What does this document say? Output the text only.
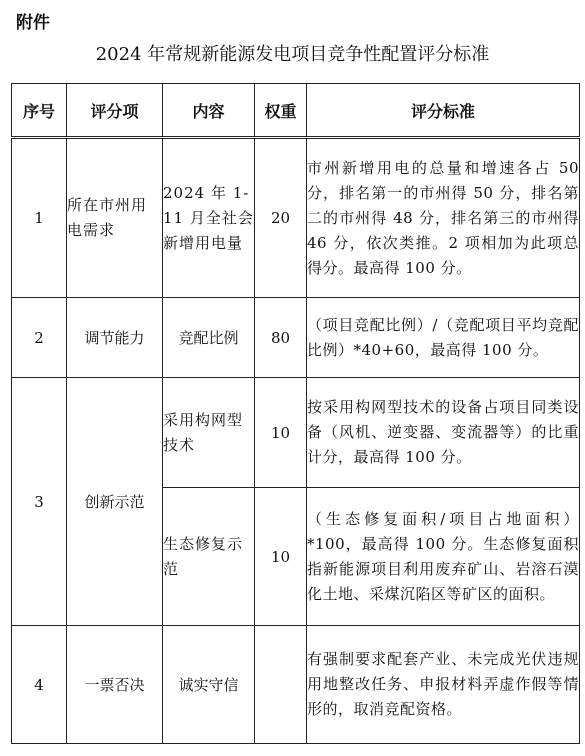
附件
2024 年常规新能源发电项目竞争性配置评分标准
序号	评分项	内容	权重	评分标准
1	所在市州用电需求	2024 年 1-11 月全社会新增用电量	20	市州新增用电的总量和增速各占 50 分，排名第一的市州得 50 分，排名第二的市州得 48 分，排名第三的市州得 46 分，依次类推。2 项相加为此项总得分。最高得 100 分。
2	调节能力	竞配比例	80	（项目竞配比例）/（竞配项目平均竞配比例）*40+60，最高得 100 分。
3	创新示范	采用构网型技术	10	按采用构网型技术的设备占项目同类设备（风机、逆变器、变流器等）的比重计分，最高得 100 分。
		生态修复示范	10	（生态修复面积/项目占地面积）*100，最高得 100 分。生态修复面积指新能源项目利用废弃矿山、岩溶石漠化土地、采煤沉陷区等矿区的面积。
4	一票否决	诚实守信		有强制要求配套产业、未完成光伏违规用地整改任务、申报材料弄虚作假等情形的，取消竞配资格。
